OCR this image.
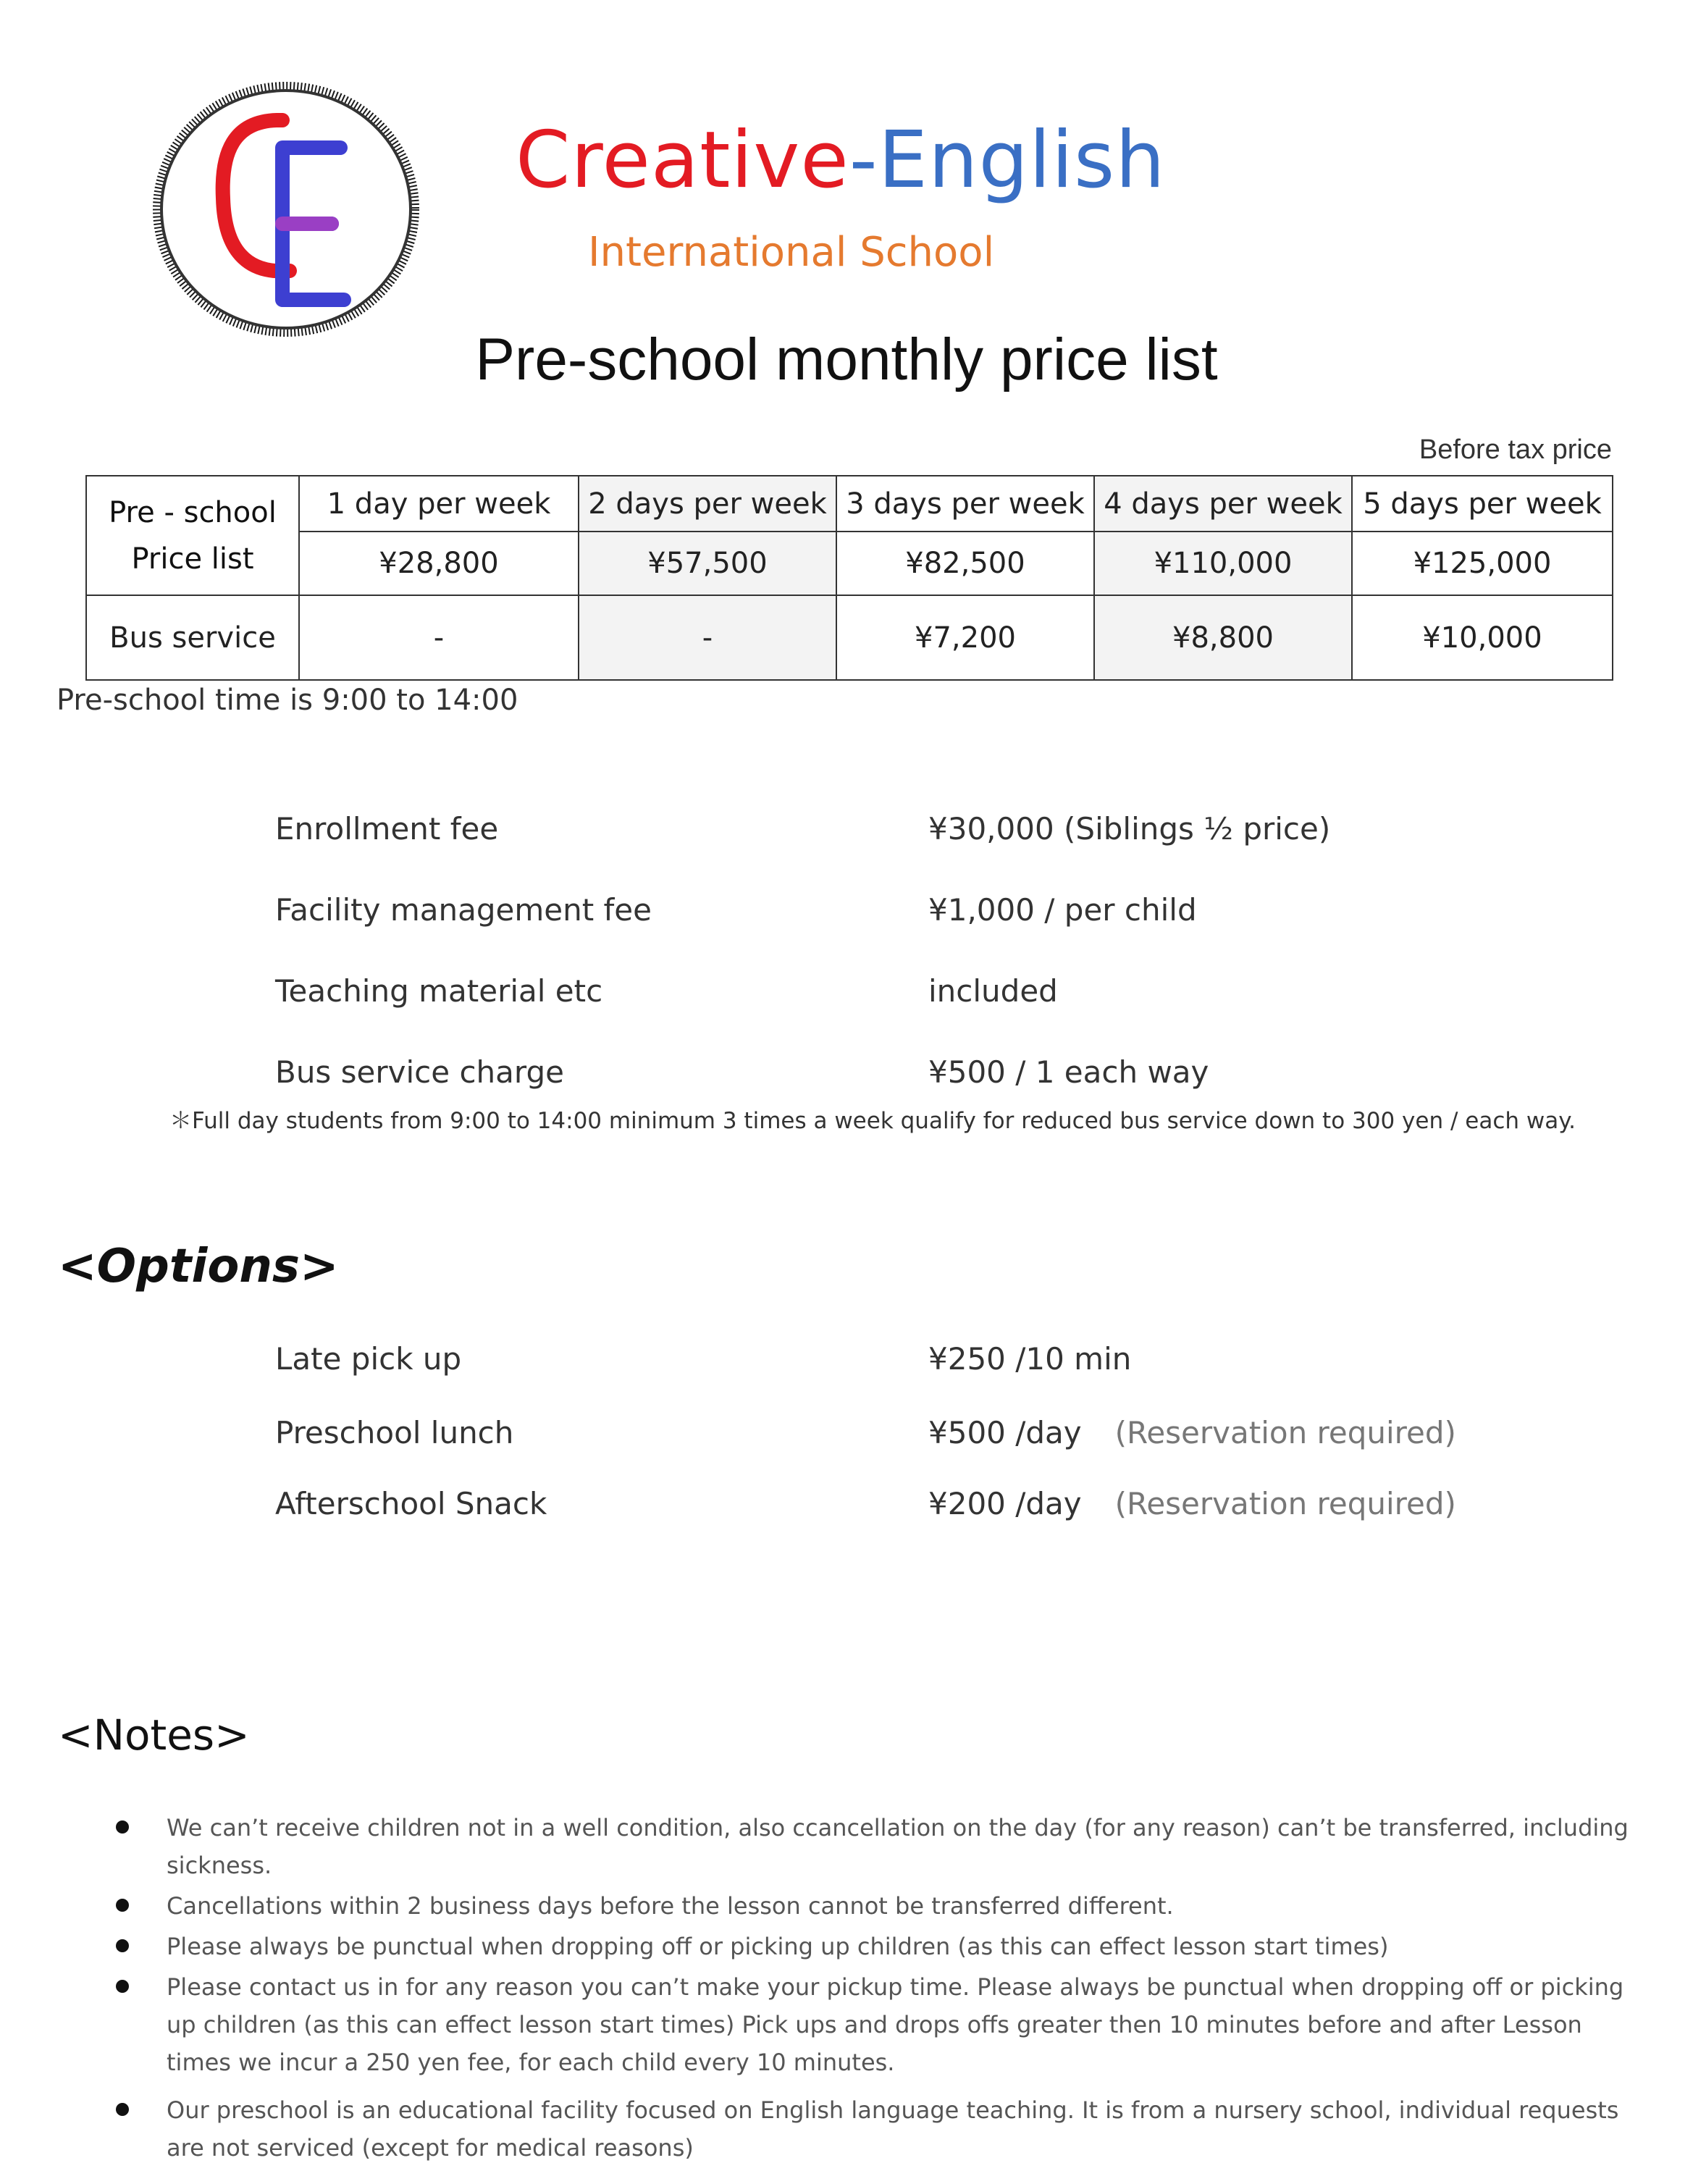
CE
Creative-English
International School
Pre-school monthly price list
Before tax price
Pre - school
Price list	1 day per week	2 days per week	3 days per week	4 days per week	5 days per week
	¥28,800	¥57,500	¥82,500	¥110,000	¥125,000
Bus service	-	-	¥7,200	¥8,800	¥10,000
Pre-school time is 9:00 to 14:00
Enrollment fee	¥30,000 (Siblings ½ price)
Facility management fee	¥1,000 / per child
Teaching material etc	included
Bus service charge	¥500 / 1 each way
＊Full day students from 9:00 to 14:00 minimum 3 times a week qualify for reduced bus service down to 300 yen / each way.
<Options>
Late pick up	¥250 /10 min
Preschool lunch	¥500 /day (Reservation required)
Afterschool Snack	¥200 /day (Reservation required)
<Notes>
We can’t receive children not in a well condition, also ccancellation on the day (for any reason) can’t be transferred, including sickness.
Cancellations within 2 business days before the lesson cannot be transferred different.
Please always be punctual when dropping off or picking up children (as this can effect lesson start times)
Please contact us in for any reason you can’t make your pickup time. Please always be punctual when dropping off or picking up children (as this can effect lesson start times) Pick ups and drops offs greater then 10 minutes before and after Lesson times we incur a 250 yen fee, for each child every 10 minutes.
Our preschool is an educational facility focused on English language teaching. It is from a nursery school, individual requests are not serviced (except for medical reasons)
